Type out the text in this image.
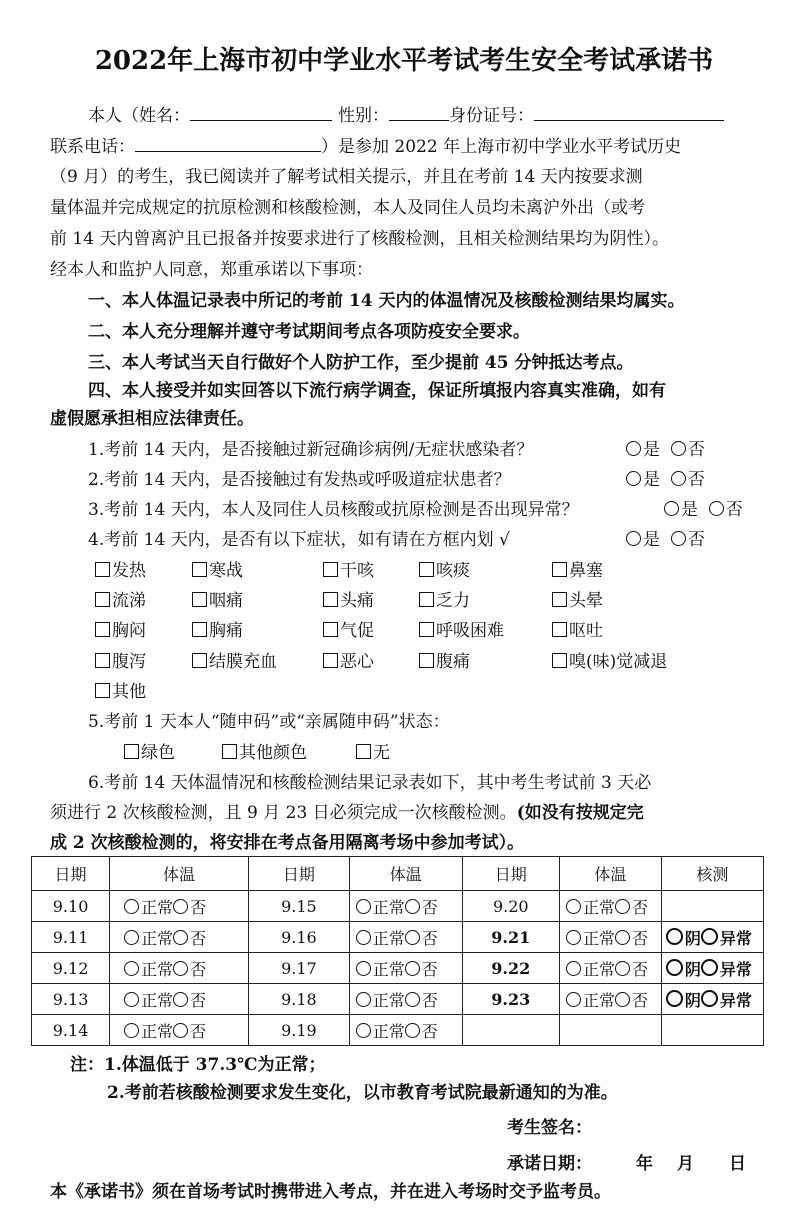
2022年上海市初中学业水平考试考生安全考试承诺书
本人（姓名：	性别：	身份证号：
联系电话：	）是参加 2022 年上海市初中学业水平考试历史
（9 月）的考生，我已阅读并了解考试相关提示，并且在考前 14 天内按要求测
量体温并完成规定的抗原检测和核酸检测，本人及同住人员均未离沪外出（或考
前 14 天内曾离沪且已报备并按要求进行了核酸检测，且相关检测结果均为阴性）。
经本人和监护人同意，郑重承诺以下事项：
一、本人体温记录表中所记的考前 14 天内的体温情况及核酸检测结果均属实。
二、本人充分理解并遵守考试期间考点各项防疫安全要求。
三、本人考试当天自行做好个人防护工作，至少提前 45 分钟抵达考点。
四、本人接受并如实回答以下流行病学调查，保证所填报内容真实准确，如有
虚假愿承担相应法律责任。
1.考前 14 天内，是否接触过新冠确诊病例/无症状感染者？	是 否
2.考前 14 天内，是否接触过有发热或呼吸道症状患者？	是 否
3.考前 14 天内，本人及同住人员核酸或抗原检测是否出现异常？	是 否
4.考前 14 天内，是否有以下症状，如有请在方框内划 √	是 否
发热	寒战	干咳	咳痰	鼻塞
流涕	咽痛	头痛	乏力	头晕
胸闷	胸痛	气促	呼吸困难	呕吐
腹泻	结膜充血	恶心	腹痛	嗅(味)觉减退
其他
5.考前 1 天本人“随申码”或“亲属随申码”状态：
绿色	其他颜色	无
6.考前 14 天体温情况和核酸检测结果记录表如下，其中考生考试前 3 天必
须进行 2 次核酸检测，且 9 月 23 日必须完成一次核酸检测。(如没有按规定完
成 2 次核酸检测的，将安排在考点备用隔离考场中参加考试）。
日期	体温	日期	体温	日期	体温	核测
9.10	正常 否	9.15	正常 否	9.20	正常 否	
9.11	正常 否	9.16	正常 否	9.21	正常 否	阴 异常
9.12	正常 否	9.17	正常 否	9.22	正常 否	阴 异常
9.13	正常 否	9.18	正常 否	9.23	正常 否	阴 异常
9.14	正常 否	9.19	正常 否			
注：1.体温低于 37.3℃为正常；
2.考前若核酸检测要求发生变化，以市教育考试院最新通知的为准。
考生签名：
承诺日期：	年 月 日
本《承诺书》须在首场考试时携带进入考点，并在进入考场时交予监考员。
